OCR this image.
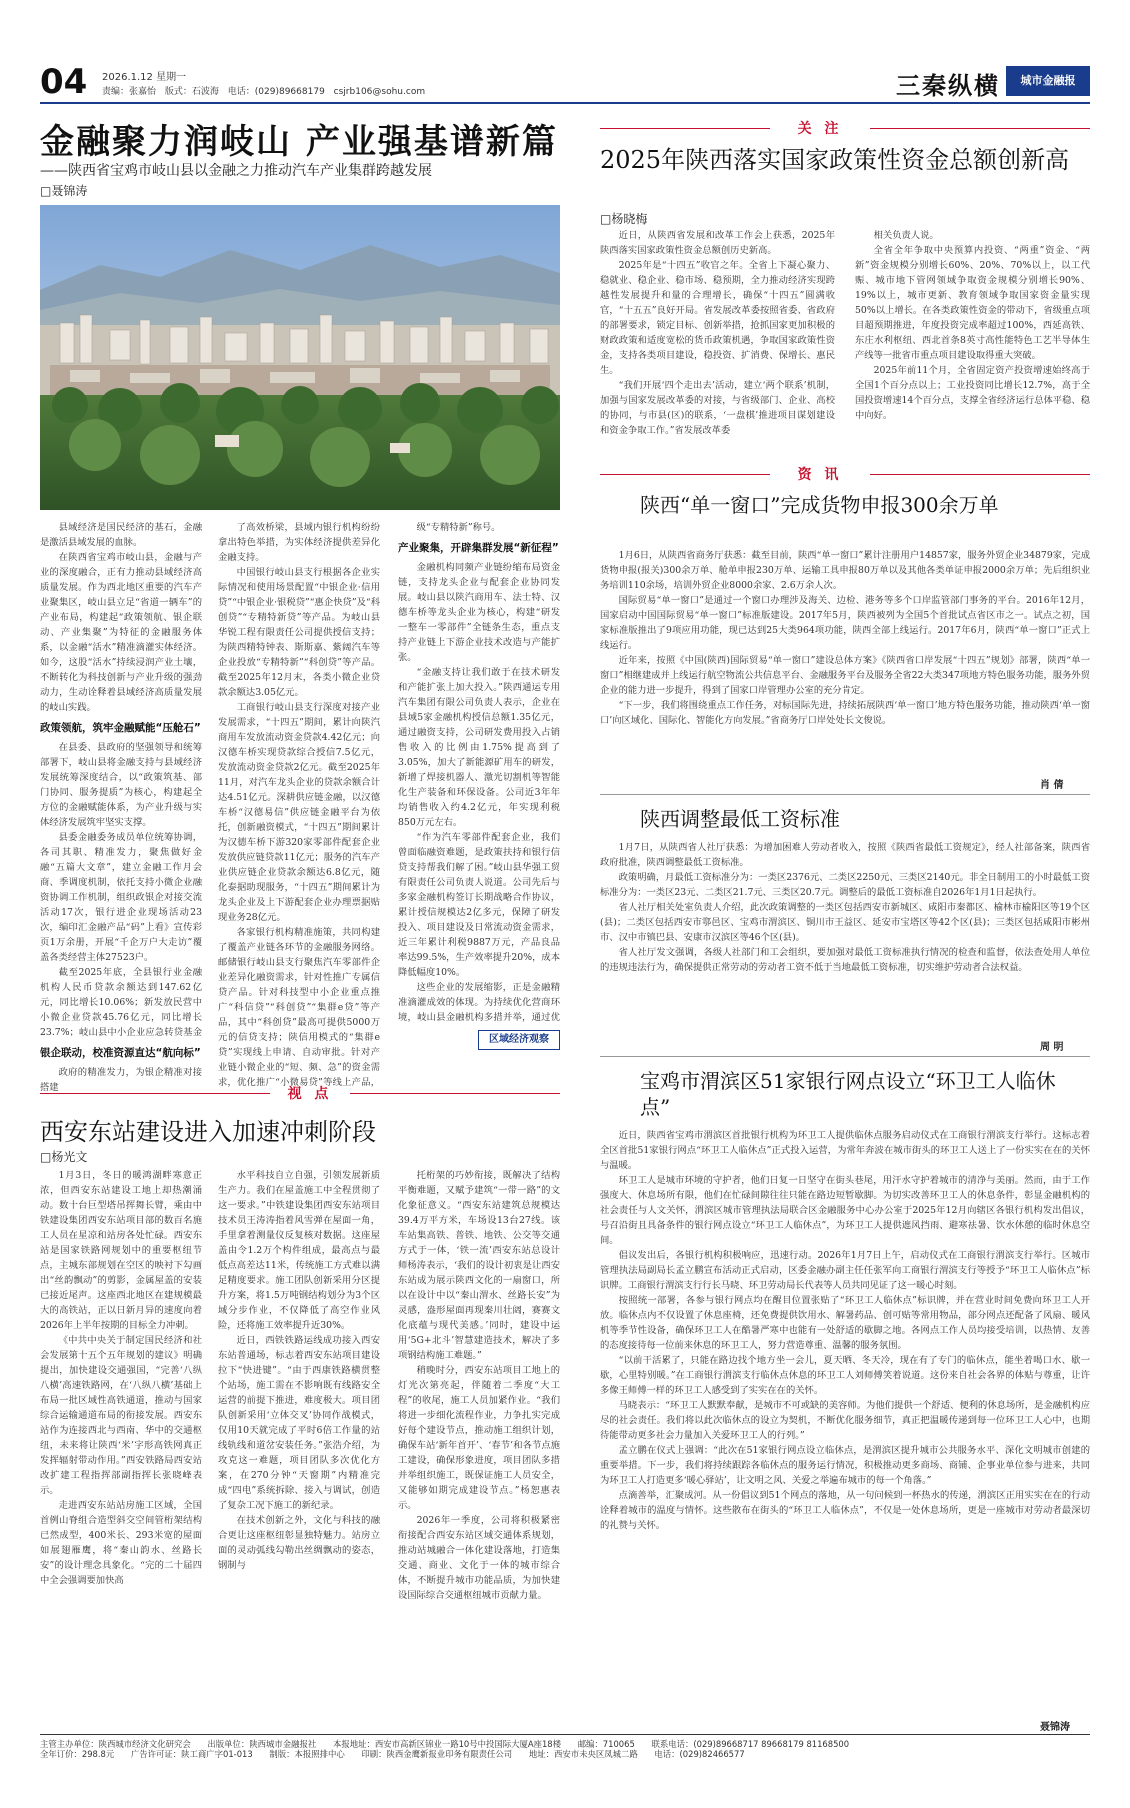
04 2026.1.12 星期一
责编：张嘉怡 版式：石波海 电话：(029)89668179 csjrb106@sohu.com	三秦纵横	城市金融报
金融聚力润岐山 产业强基谱新篇
——陕西省宝鸡市岐山县以金融之力推动汽车产业集群跨越发展
□聂锦涛

县域经济是国民经济的基石，金融是激活县域发展的血脉。

在陕西省宝鸡市岐山县，金融与产业的深度融合，正有力推动县域经济高质量发展。作为西北地区重要的汽车产业聚集区，岐山县立足“省道一辆车”的产业布局，构建起“政策领航、银企联动、产业集聚”为特征的金融服务体系，以金融“活水”精准滴灌实体经济。如今，这股“活水”持续浸润产业土壤，不断转化为科技创新与产业升级的强劲动力，生动诠释着县域经济高质量发展的岐山实践。

政策领航，筑牢金融赋能“压舱石”

在县委、县政府的坚强领导和统筹部署下，岐山县将金融支持与县域经济发展统筹深度结合，以“政策筑基、部门协同、服务提质”为核心，构建起全方位的金融赋能体系，为产业升级与实体经济发展筑牢坚实支撑。

县委金融委务成员单位统筹协调，各司其职、精准发力，聚焦做好金融“五篇大文章”，建立金融工作月会商、季调度机制，依托支持小微企业融资协调工作机制，组织政银企对接交流活动17次，银行进企业现场活动23次，编印汇金融产品“码”上看》宣传彩页1万余册，开展“千企万户大走访”覆盖各类经营主体27523户。

截至2025年底，全县银行业金融机构人民币贷款余额达到147.62亿元，同比增长10.06%；新发放民营中小微企业贷款45.76亿元，同比增长23.7%；岐山县中小企业应急转贷基金

银企联动，校准资源直达“航向标”

政府的精准发力，为银企精准对接搭建

了高效桥梁，县域内银行机构纷纷拿出特色举措，为实体经济提供差异化金融支持。

中国银行岐山县支行根据各企业实际情况和使用场景配置“中银企业·信用贷”“中银企业·银税贷”“惠企快贷”及“科创贷”“专精特新贷”等产品。为岐山县华锐工程有限责任公司提供授信支持；为陕西精特钟表、斯斯嘉、紫阔汽车等企业投放“专精特新”“科创贷”等产品。截至2025年12月末，各类小微企业贷款余额达3.05亿元。

工商银行岐山县支行深度对接产业发展需求，“十四五”期间，累计向陕汽商用车发放流动资金贷款4.42亿元；向汉德车桥实现贷款综合授信7.5亿元，发放流动资金贷款2亿元。截至2025年11月，对汽车龙头企业的贷款余额合计达4.51亿元。深耕供应链金融，以汉德车桥“汉德易信”供应链金融平台为依托，创新融资模式，“十四五”期间累计为汉德车桥下游320家零部件配套企业发放供应链贷款11亿元；服务的汽车产业供应链企业贷款余额达6.8亿元，随化泰据助现服务，“十四五”期间累计为龙头企业及上下游配套企业办理票据贴现业务28亿元。

各家银行机构精准施策，共同构建了覆盖产业链各环节的金融服务网络。邮储银行岐山县支行聚焦汽车零部件企业差异化融资需求，针对性推广专属信贷产品。针对科技型中小企业重点推广“科信贷”“科创贷”“集群e贷”等产品，其中“科创贷”最高可提供5000万元的信贷支持；陕信用模式的“集群e贷”实现线上申请、自动审批。针对产业链小微企业的“短、频、急”的资金需求，优化推广“小微易贷”等线上产品，

级“专精特新”称号。

产业聚集，开辟集群发展“新征程”

金融机构同频产业链纷缩布局资金链，支持龙头企业与配套企业协同发展。岐山县以陕汽商用车、法士特、汉德车桥等龙头企业为核心，构建“研发一整车一零部件”全链条生态，重点支持产业链上下游企业技术改造与产能扩张。

“金融支持让我们敢于在技术研发和产能扩张上加大投入。”陕西通运专用汽车集团有限公司负责人表示，企业在县域5家金融机构授信总额1.35亿元，通过融资支持，公司研发费用投入占销售收入的比例由1.75%提高到了3.05%，加大了新能源矿用车的研发，新增了焊接机器人、激光切割机等智能化生产装备和环保设备。公司近3年年均销售收入约4.2亿元，年实现利税850万元左右。

“作为汽车零部件配套企业，我们曾面临融资难题，是政策扶持和银行信贷支持帮我们解了困。”岐山县华强工贸有限责任公司负责人说道。公司先后与多家金融机构签订长期战略合作协议，累计授信规模达2亿多元，保障了研发投入、项目建设及日常流动资金需求，近三年累计利税9887万元，产品良品率达99.5%，生产效率提升20%，成本降低幅度10%。

这些企业的发展缩影，正是金融精准滴灌成效的体现。为持续优化营商环境，岐山县金融机构多措并举，通过优

区域经济观察
关 注
2025年陕西落实国家政策性资金总额创新高
□杨晓梅

近日，从陕西省发展和改革工作会上获悉，2025年陕西落实国家政策性资金总额创历史新高。

2025年是“十四五”收官之年。全省上下凝心聚力、稳就业、稳企业、稳市场、稳预期，全力推动经济实现跨越性发展提升和量的合理增长，确保“十四五”圆满收官，“十五五”良好开局。省发展改革委按照省委、省政府的部署要求，锁定目标、创新举措，抢抓国家更加积极的财政政策和适度宽松的货币政策机遇，争取国家政策性资金，支持各类项目建设，稳投资、扩消费、保增长、惠民生。

“我们开展‘四个走出去’活动，建立‘两个联系’机制，加强与国家发展改革委的对接，与省级部门、企业、高校的协同，与市县(区)的联系，‘一盘棋’推进项目谋划建设和资金争取工作。”省发展改革委

相关负责人说。

全省全年争取中央预算内投资、“两重”资金、“两新”资金规模分别增长60%、20%、70%以上，以工代赈、城市地下管网领域争取资金规模分别增长90%、19%以上，城市更新、教育领域争取国家资金量实现50%以上增长。在各类政策性资金的带动下，省级重点项目超预期推进，年度投资完成率超过100%，西延高铁、东庄水利枢纽、西北首条8英寸高性能特色工艺半导体生产线等一批省市重点项目建设取得重大突破。

2025年前11个月，全省固定资产投资增速始终高于全国1个百分点以上；工业投资同比增长12.7%，高于全国投资增速14个百分点，支撑全省经济运行总体平稳、稳中向好。

资 讯
陕西“单一窗口”完成货物申报300余万单

1月6日，从陕西省商务厅获悉：截至目前，陕西“单一窗口”累计注册用户14857家，服务外贸企业34879家，完成货物申报(报关)300余万单、舱单申报230万单、运输工具申报80万单以及其他各类单证申报2000余万单；先后组织业务培训110余场，培训外贸企业8000余家、2.6万余人次。

国际贸易“单一窗口”是通过一个窗口办理涉及海关、边检、港务等多个口岸监管部门事务的平台。2016年12月，国家启动中国国际贸易“单一窗口”标准版建设。2017年5月，陕西被列为全国5个首批试点省区市之一。试点之初，国家标准版推出了9项应用功能，现已达到25大类964项功能，陕西全部上线运行。2017年6月，陕西“单一窗口”正式上线运行。

近年来，按照《中国(陕西)国际贸易“单一窗口”建设总体方案》《陕西省口岸发展“十四五”规划》部署，陕西“单一窗口”相继建成并上线运行航空物流公共信息平台、金融服务平台及服务全省22大类347项地方特色服务功能，服务外贸企业的能力进一步提升，得到了国家口岸管理办公室的充分肯定。

“下一步，我们将围绕重点工作任务，对标国际先进，持续拓展陕西‘单一窗口’地方特色服务功能，推动陕西‘单一窗口’向区域化、国际化、智能化方向发展。”省商务厅口岸处处长文俊说。

肖 倩
陕西调整最低工资标准

1月7日，从陕西省人社厅获悉：为增加困难人劳动者收入，按照《陕西省最低工资规定》，经人社部备案，陕西省政府批准，陕西调整最低工资标准。

政策明确，月最低工资标准分为：一类区2376元、二类区2250元、三类区2140元。非全日制用工的小时最低工资标准分为：一类区23元、二类区21.7元、三类区20.7元。调整后的最低工资标准自2026年1月1日起执行。

省人社厅相关处室负责人介绍，此次政策调整的一类区包括西安市新城区、咸阳市秦都区、榆林市榆阳区等19个区(县)；二类区包括西安市鄠邑区、宝鸡市渭滨区、铜川市王益区、延安市宝塔区等42个区(县)；三类区包括咸阳市彬州市、汉中市镇巴县、安康市汉滨区等46个区(县)。

省人社厅发文强调，各级人社部门和工会组织，要加强对最低工资标准执行情况的检查和监督，依法查处用人单位的违规违法行为，确保提供正常劳动的劳动者工资不低于当地最低工资标准，切实维护劳动者合法权益。

周 明
宝鸡市渭滨区51家银行网点设立“环卫工人临休点”

近日，陕西省宝鸡市渭滨区首批银行机构为环卫工人提供临休点服务启动仪式在工商银行渭滨支行举行。这标志着全区首批51家银行网点“环卫工人临休点”正式投入运营，为常年奔波在城市街头的环卫工人送上了一份实实在在的关怀与温暖。

环卫工人是城市环境的守护者，他们日复一日坚守在街头巷尾，用汗水守护着城市的清净与美丽。然而，由于工作强度大、休息场所有限，他们在忙碌间隙往往只能在路边短暂歇脚。为切实改善环卫工人的休息条件，彰显金融机构的社会责任与人文关怀，渭滨区城市管理执法局联合区金融服务中心办公室于2025年12月向辖区各银行机构发出倡议，号召沿街且具备条件的银行网点设立“环卫工人临休点”，为环卫工人提供遮风挡雨、避寒祛暑、饮水休憩的临时休息空间。

倡议发出后，各银行机构积极响应，迅速行动。2026年1月7日上午，启动仪式在工商银行渭滨支行举行。区城市管理执法局副局长孟立鹏宣布活动正式启动，区委金融办副主任任张军向工商银行渭滨支行等授予“环卫工人临休点”标识牌。工商银行渭滨支行行长马晓、环卫劳动局长代表等人员共同见证了这一暖心时刻。

按照统一部署，各参与银行网点均在醒目位置张贴了“环卫工人临休点”标识牌，并在营业时间免费向环卫工人开放。临休点内不仅设置了休息座椅，还免费提供饮用水、解暑药品、创可贴等常用物品，部分网点还配备了风扇、暖风机等季节性设备，确保环卫工人在酷暑严寒中也能有一处舒适的歇脚之地。各网点工作人员均接受培训，以热情、友善的态度接待每一位前来休息的环卫工人，努力营造尊重、温馨的服务氛围。

“以前干活累了，只能在路边找个地方坐一会儿，夏天晒、冬天冷，现在有了专门的临休点，能坐着喝口水、歇一歇，心里特别暖。”在工商银行渭滨支行临休点休息的环卫工人刘师傅笑着说道。这份来自社会各界的体贴与尊重，让许多像王师傅一样的环卫工人感受到了实实在在的关怀。

马晓表示：“环卫工人默默奉献，是城市不可或缺的美容师。为他们提供一个舒适、便利的休息场所，是金融机构应尽的社会责任。我们将以此次临休点的设立为契机，不断优化服务细节，真正把温暖传递到每一位环卫工人心中，也期待能带动更多社会力量加入关爱环卫工人的行列。”

孟立鹏在仪式上强调：“此次在51家银行网点设立临休点，是渭滨区提升城市公共服务水平、深化文明城市创建的重要举措。下一步，我们将持续跟踪各临休点的服务运行情况，积极推动更多商场、商铺、企事业单位参与进来，共同为环卫工人打造更多‘暖心驿站’，让文明之风、关爱之举遍布城市的每一个角落。”

点滴善举，汇聚成河。从一份倡议到51个网点的落地，从一句问候到一杯热水的传递，渭滨区正用实实在在的行动诠释着城市的温度与情怀。这些散布在街头的“环卫工人临休点”，不仅是一处休息场所，更是一座城市对劳动者最深切的礼赞与关怀。

聂锦涛
视 点
西安东站建设进入加速冲刺阶段
□杨光文

1月3日，冬日的暖鸿湖畔寒意正浓，但西安东站建设工地上却热潮涌动。数十台巨型塔吊挥舞长臂，乘由中铁建设集团西安东站项目部的数百名施工人员在星凉和站房各处忙碌。西安东站是国家铁路网规划中的重要枢纽节点，主城东部规划在空区的映衬下勾画出“丝韵飘动”的剪影，金属屋盖的安装已接近尾声。这座西北地区在建规模最大的高铁站，正以日新月异的速度向着2026年上半年按期的目标全力冲刺。

《中共中央关于制定国民经济和社会发展第十五个五年规划的建议》明确提出，加快建设交通强国，“完善‘八纵八横’高速铁路网，在‘八纵八横’基础上布局一批区域性高铁通道，推动与国家综合运输通道布局的衔接发展。西安东站作为连接西北与西南、华中的交通枢纽，未来将让陕西‘米’字形高铁网真正发挥辐射带动作用。”西安铁路局西安站改扩建工程指挥部副指挥长张晓峰表示。

走进西安东站站房施工区域，全国首例山脊组合造型斜交空间管桁架结构已然成型，400米长、293米宽的屋面如展翅雁鹰，将“秦山韵水、丝路长安”的设计理念具象化。“完的二十届四中全会强调要加快高

水平科技自立自强，引领发展新质生产力。我们在屋盖施工中全程贯彻了这一要求。”中铁建设集团西安东站项目技术员王涛涛指着风雪弹在屋面一角，手里拿着测量仪反复核对数据。这座屋盖由令1.2万个构件组成，最高点与最低点高差达11米，传统施工方式难以满足精度要求。施工团队创新采用分区提升方案，将1.5万吨钢结构划分为3个区域分步作业，不仅降低了高空作业风险，还将施工效率提升近30%。

近日，西铁铁路运线成功接入西安东站普通场，标志着西安东站项目建设拉下“快进键”。“由于西康铁路横贯整个站场，施工需在不影响既有线路安全运营的前提下推进，难度极大。项目团队创新采用‘立体交叉’协同作战模式，仅用10天就完成了平时6倍工作量的站线轨线和道岔安装任务。”张浩介绍，为攻克这一难题，项目团队多次优化方案，在270分钟“天窗期”内精准完成“四电”系统拆除、接入与调试，创造了复杂工况下施工的新纪录。

在技术创新之外，文化与科技的融合更让这座枢纽彰显独特魅力。站房立面的灵动弧线勾勒出丝绸飘动的姿态，钢制与

托桁架的巧妙衔接，既解决了结构平衡难题，又赋予建筑“一带一路”的文化象征意义。“西安东站建筑总规模达39.4万平方米，车场设13台27线。该车站集高铁、普铁、地铁、公交等交通方式于一体，‘铁一流’西安东站总设计师杨涛表示，‘我们的设计初衷是让西安东站成为展示陕西文化的一扇窗口，所以在设计中以“秦山渭水、丝路长安”为灵感，盎形屋面再现秦川壮阔，赛赛文化底蕴与现代美感。’同时，建设中运用‘5G+北斗’智慧建造技术，解决了多项钢结构施工难题。”

稍晚时分，西安东站项目工地上的灯光次第亮起，伴随着二季度“大工程”的收尾，施工人员加紧作业。“我们将进一步细化流程作业，力争扎实完成好每个建设节点，推动施工组织计划，确保车站‘新年首开’、‘春节’和各节点施工建设，确保形象进度，项目团队多措并举组织施工，既保证施工人员安全，又能够如期完成建设节点。”杨恕惠表示。

2026年一季度，公司将积极紧密衔接配合西安东站区域交通体系规划，推动站城融合一体化建设落地，打造集交通、商业、文化于一体的城市综合体，不断提升城市功能品质，为加快建设国际综合交通枢纽城市贡献力量。

主管主办单位：陕西城市经济文化研究会 出版单位：陕西城市金融报社 本报地址：西安市高新区锦业一路10号中投国际大厦A座18楼 邮编：710065 联系电话：(029)89668717 89668179 81168500
全年订价：298.8元 广告许可证：陕工商广字01-013 制版：本报照排中心 印刷：陕西金鹰新报业印务有限责任公司 地址：西安市未央区凤城二路 电话：(029)82466577
